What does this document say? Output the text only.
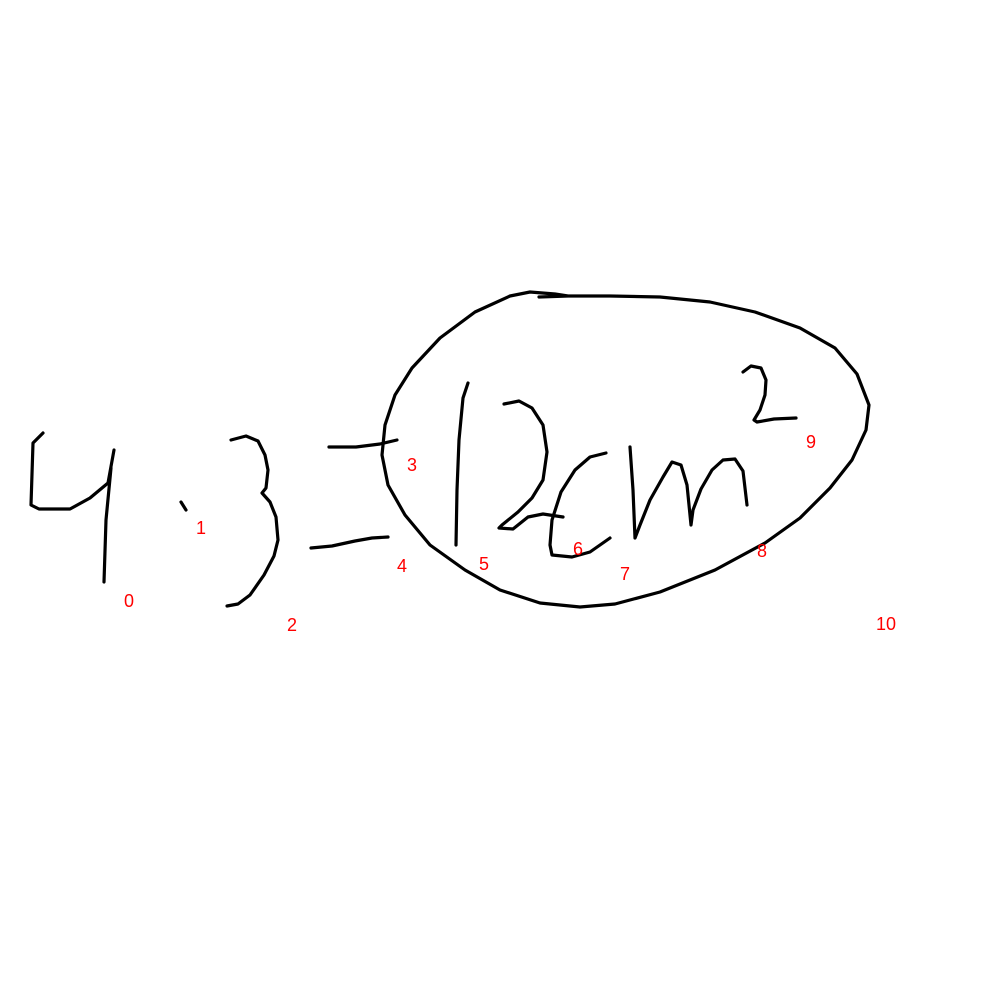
0
1
2
3
4	5
6
7
8
9
10
